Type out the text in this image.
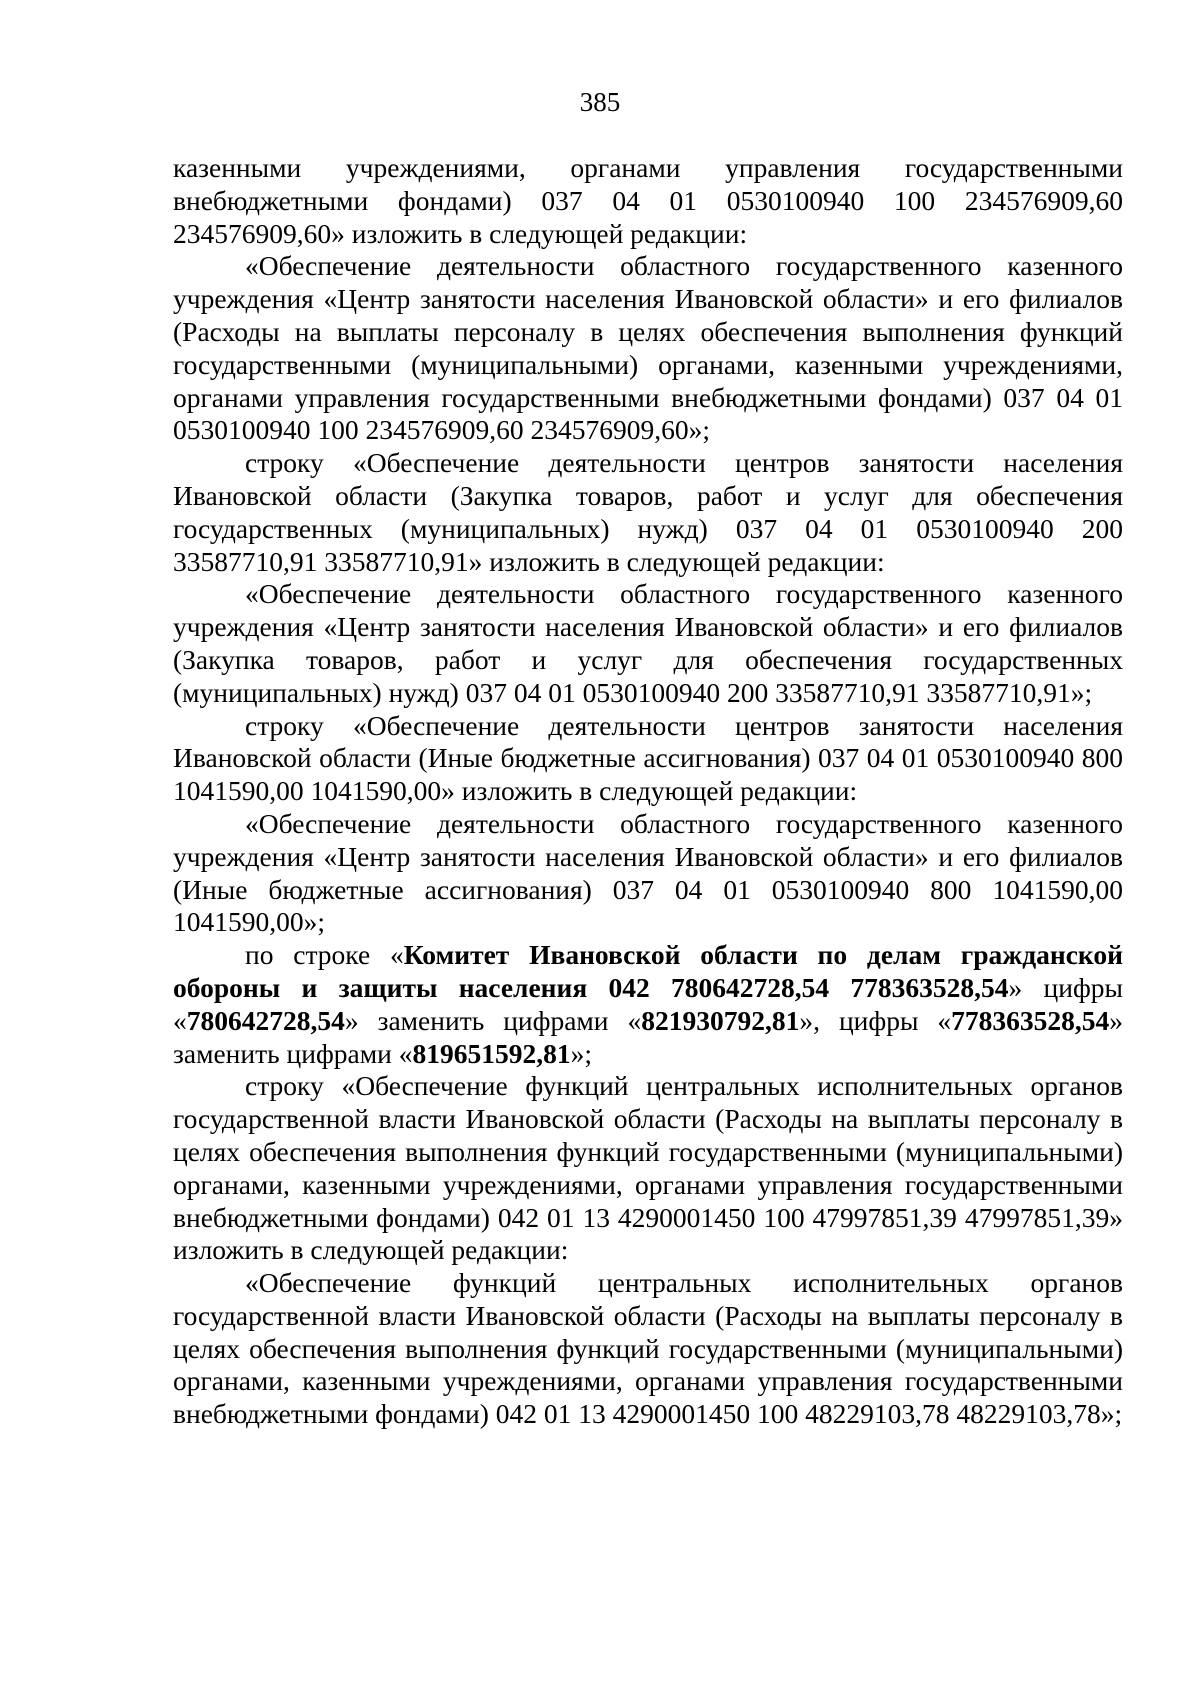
385

казенными учреждениями, органами управления государственными внебюджетными фондами) 037 04 01 0530100940 100 234576909,60 234576909,60» изложить в следующей редакции:

«Обеспечение деятельности областного государственного казенного учреждения «Центр занятости населения Ивановской области» и его филиалов (Расходы на выплаты персоналу в целях обеспечения выполнения функций государственными (муниципальными) органами, казенными учреждениями, органами управления государственными внебюджетными фондами) 037 04 01 0530100940 100 234576909,60 234576909,60»;

строку «Обеспечение деятельности центров занятости населения Ивановской области (Закупка товаров, работ и услуг для обеспечения государственных (муниципальных) нужд) 037 04 01 0530100940 200 33587710,91 33587710,91» изложить в следующей редакции:

«Обеспечение деятельности областного государственного казенного учреждения «Центр занятости населения Ивановской области» и его филиалов (Закупка товаров, работ и услуг для обеспечения государственных (муниципальных) нужд) 037 04 01 0530100940 200 33587710,91 33587710,91»;

строку «Обеспечение деятельности центров занятости населения Ивановской области (Иные бюджетные ассигнования) 037 04 01 0530100940 800 1041590,00 1041590,00» изложить в следующей редакции:

«Обеспечение деятельности областного государственного казенного учреждения «Центр занятости населения Ивановской области» и его филиалов (Иные бюджетные ассигнования) 037 04 01 0530100940 800 1041590,00 1041590,00»;

по строке «Комитет Ивановской области по делам гражданской обороны и защиты населения 042 780642728,54 778363528,54» цифры «780642728,54» заменить цифрами «821930792,81», цифры «778363528,54» заменить цифрами «819651592,81»;

строку «Обеспечение функций центральных исполнительных органов государственной власти Ивановской области (Расходы на выплаты персоналу в целях обеспечения выполнения функций государственными (муниципальными) органами, казенными учреждениями, органами управления государственными внебюджетными фондами) 042 01 13 4290001450 100 47997851,39 47997851,39» изложить в следующей редакции:

«Обеспечение функций центральных исполнительных органов государственной власти Ивановской области (Расходы на выплаты персоналу в целях обеспечения выполнения функций государственными (муниципальными) органами, казенными учреждениями, органами управления государственными внебюджетными фондами) 042 01 13 4290001450 100 48229103,78 48229103,78»;
